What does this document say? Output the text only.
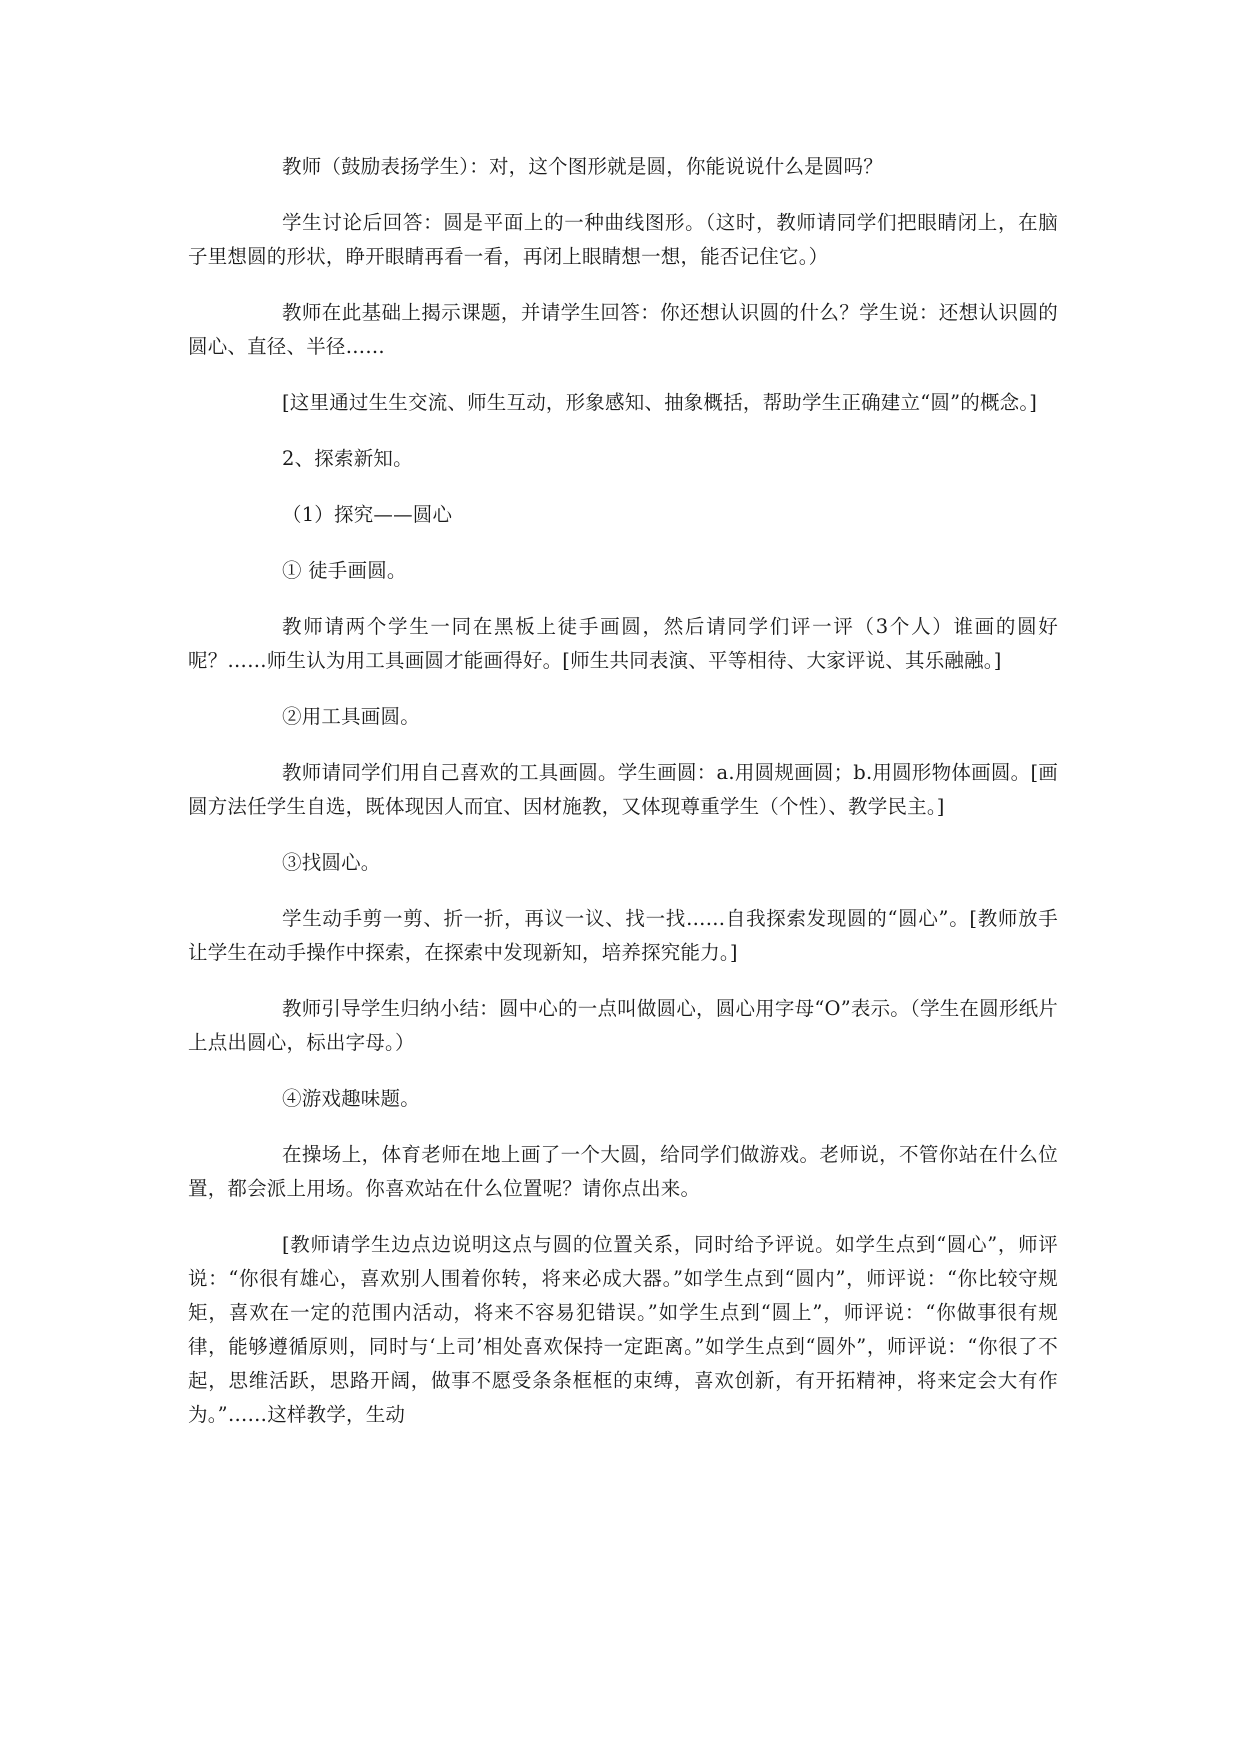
教师（鼓励表扬学生）：对，这个图形就是圆，你能说说什么是圆吗？

学生讨论后回答：圆是平面上的一种曲线图形。（这时，教师请同学们把眼睛闭上，在脑子里想圆的形状，睁开眼睛再看一看，再闭上眼睛想一想，能否记住它。）

教师在此基础上揭示课题，并请学生回答：你还想认识圆的什么？学生说：还想认识圆的圆心、直径、半径……

[这里通过生生交流、师生互动，形象感知、抽象概括，帮助学生正确建立“圆”的概念。]

2、探索新知。

（1）探究——圆心

① 徒手画圆。

教师请两个学生一同在黑板上徒手画圆，然后请同学们评一评（3个人）谁画的圆好呢？……师生认为用工具画圆才能画得好。[师生共同表演、平等相待、大家评说、其乐融融。]

②用工具画圆。

教师请同学们用自己喜欢的工具画圆。学生画圆：a.用圆规画圆；b.用圆形物体画圆。[画圆方法任学生自选，既体现因人而宜、因材施教，又体现尊重学生（个性）、教学民主。]

③找圆心。

学生动手剪一剪、折一折，再议一议、找一找……自我探索发现圆的“圆心”。[教师放手让学生在动手操作中探索，在探索中发现新知，培养探究能力。]

教师引导学生归纳小结：圆中心的一点叫做圆心，圆心用字母“O”表示。（学生在圆形纸片上点出圆心，标出字母。）

④游戏趣味题。

在操场上，体育老师在地上画了一个大圆，给同学们做游戏。老师说，不管你站在什么位置，都会派上用场。你喜欢站在什么位置呢？请你点出来。

[教师请学生边点边说明这点与圆的位置关系，同时给予评说。如学生点到“圆心”，师评说：“你很有雄心，喜欢别人围着你转，将来必成大器。”如学生点到“圆内”，师评说：“你比较守规矩，喜欢在一定的范围内活动，将来不容易犯错误。”如学生点到“圆上”，师评说：“你做事很有规律，能够遵循原则，同时与‘上司’相处喜欢保持一定距离。”如学生点到“圆外”，师评说：“你很了不起，思维活跃，思路开阔，做事不愿受条条框框的束缚，喜欢创新，有开拓精神，将来定会大有作为。”……这样教学，生动
